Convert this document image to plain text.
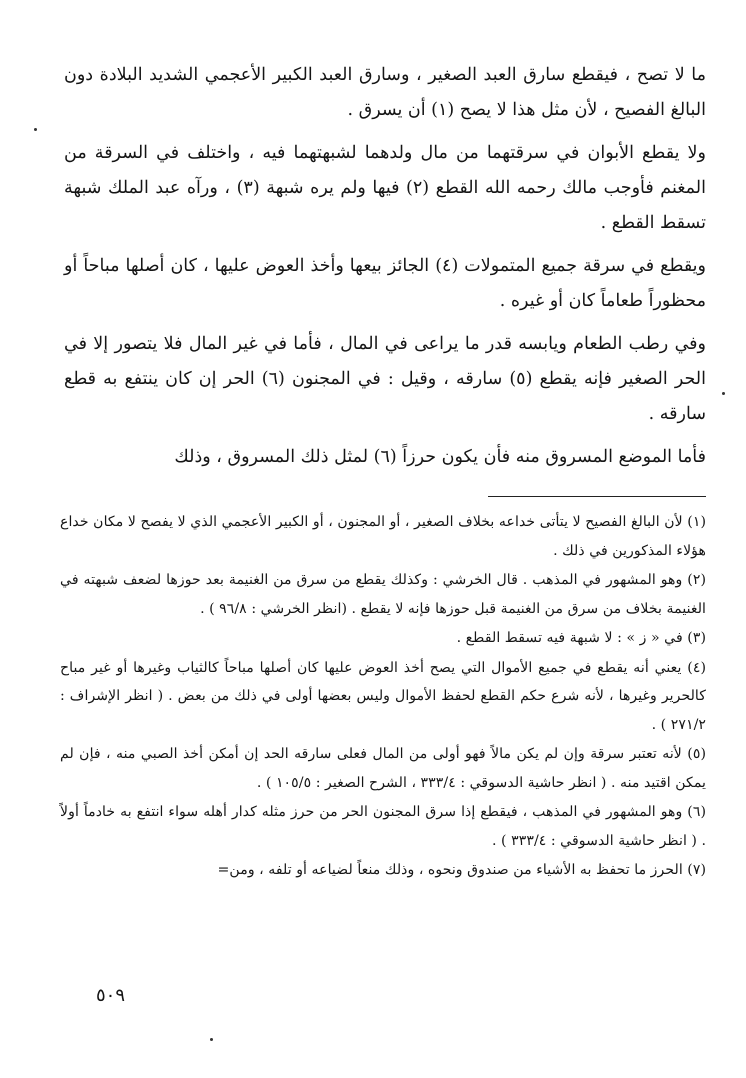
ما لا تصح ، فيقطع سارق العبد الصغير ، وسارق العبد الكبير الأعجمي الشديد البلادة دون البالغ الفصيح ، لأن مثل هذا لا يصح (١) أن يسرق .

ولا يقطع الأبوان في سرقتهما من مال ولدهما لشبهتهما فيه ، واختلف في السرقة من المغنم فأوجب مالك رحمه الله القطع (٢) فيها ولم يره شبهة (٣) ، ورآه عبد الملك شبهة تسقط القطع .

ويقطع في سرقة جميع المتمولات (٤) الجائز بيعها وأخذ العوض عليها ، كان أصلها مباحاً أو محظوراً طعاماً كان أو غيره .

وفي رطب الطعام ويابسه قدر ما يراعى في المال ، فأما في غير المال فلا يتصور إلا في الحر الصغير فإنه يقطع (٥) سارقه ، وقيل : في المجنون (٦) الحر إن كان ينتفع به قطع سارقه .

فأما الموضع المسروق منه فأن يكون حرزاً (٦) لمثل ذلك المسروق ، وذلك

(١) لأن البالغ الفصيح لا يتأتى خداعه بخلاف الصغير ، أو المجنون ، أو الكبير الأعجمي الذي لا يفصح لا مكان خداع هؤلاء المذكورين في ذلك .

(٢) وهو المشهور في المذهب . قال الخرشي : وكذلك يقطع من سرق من الغنيمة بعد حوزها لضعف شبهته في الغنيمة بخلاف من سرق من الغنيمة قبل حوزها فإنه لا يقطع . (انظر الخرشي : ٩٦/٨ ) .

(٣) في « ز » : لا شبهة فيه تسقط القطع .

(٤) يعني أنه يقطع في جميع الأموال التي يصح أخذ العوض عليها كان أصلها مباحاً كالثياب وغيرها أو غير مباح كالحرير وغيرها ، لأنه شرع حكم القطع لحفظ الأموال وليس بعضها أولى في ذلك من بعض . ( انظر الإشراف : ٢٧١/٢ ) .

(٥) لأنه تعتبر سرقة وإن لم يكن مالاً فهو أولى من المال فعلى سارقه الحد إن أمكن أخذ الصبي منه ، فإن لم يمكن اقتيد منه . ( انظر حاشية الدسوقي : ٣٣٣/٤ ، الشرح الصغير : ١٠٥/٥ ) .

(٦) وهو المشهور في المذهب ، فيقطع إذا سرق المجنون الحر من حرز مثله كدار أهله سواء انتفع به خادماً أولاً . ( انظر حاشية الدسوقي : ٣٣٣/٤ ) .

(٧) الحرز ما تحفظ به الأشياء من صندوق ونحوه ، وذلك منعاً لضياعه أو تلفه ، ومن=

٥٠٩
